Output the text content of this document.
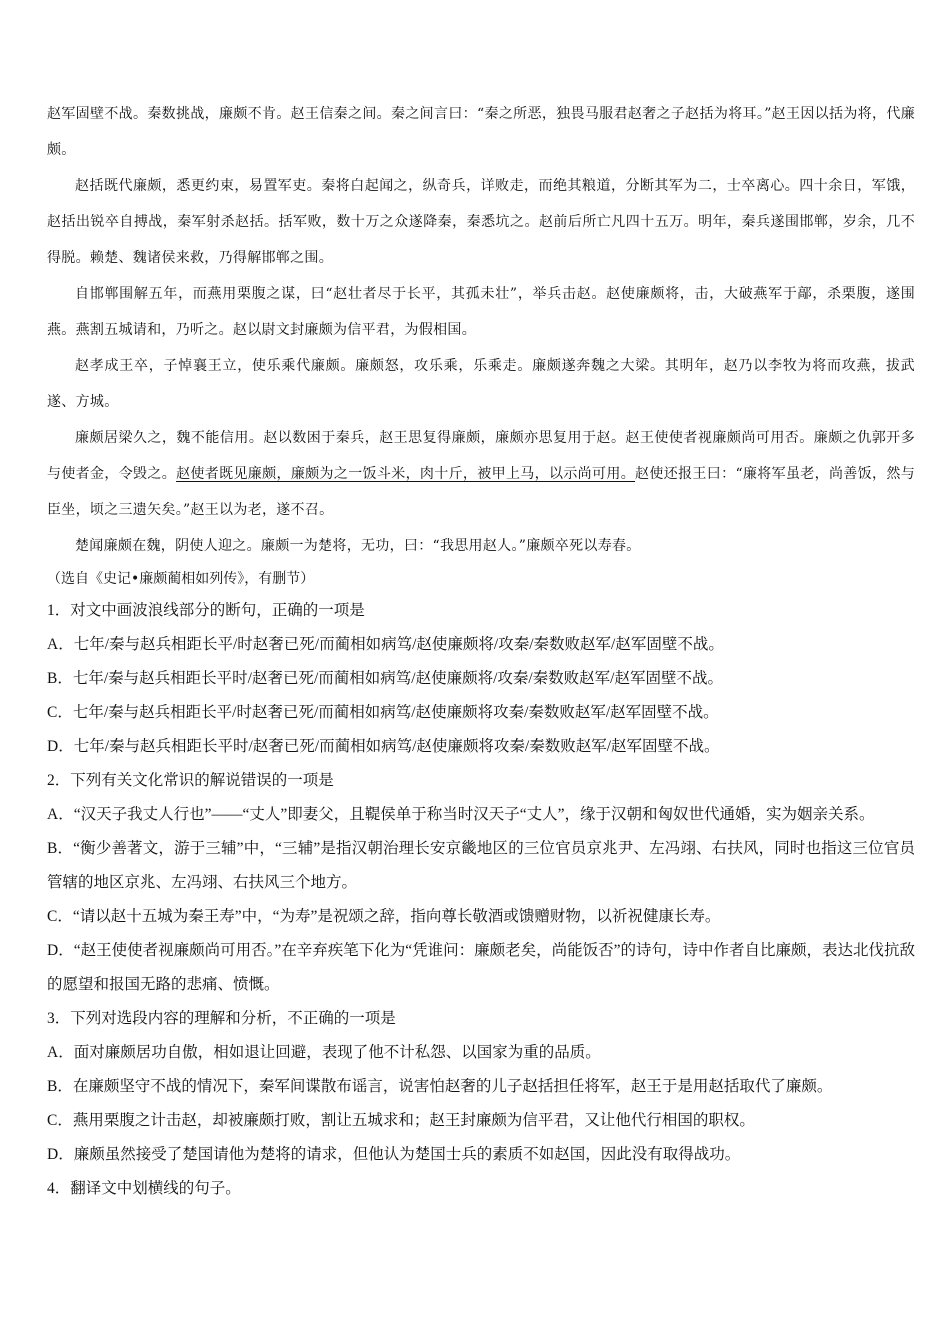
赵军固壁不战。秦数挑战，廉颇不肯。赵王信秦之间。秦之间言曰：“秦之所恶，独畏马服君赵奢之子赵括为将耳。”赵王因以括为将，代廉颇。

赵括既代廉颇，悉更约束，易置军吏。秦将白起闻之，纵奇兵，详败走，而绝其粮道，分断其军为二，士卒离心。四十余日，军饿，赵括出锐卒自搏战，秦军射杀赵括。括军败，数十万之众遂降秦，秦悉坑之。赵前后所亡凡四十五万。明年，秦兵遂围邯郸，岁余，几不得脱。赖楚、魏诸侯来救，乃得解邯郸之围。

自邯郸围解五年，而燕用栗腹之谋，曰“赵壮者尽于长平，其孤未壮”，举兵击赵。赵使廉颇将，击，大破燕军于鄗，杀栗腹，遂围燕。燕割五城请和，乃听之。赵以尉文封廉颇为信平君，为假相国。

赵孝成王卒，子悼襄王立，使乐乘代廉颇。廉颇怒，攻乐乘，乐乘走。廉颇遂奔魏之大梁。其明年，赵乃以李牧为将而攻燕，拔武遂、方城。

廉颇居梁久之，魏不能信用。赵以数困于秦兵，赵王思复得廉颇，廉颇亦思复用于赵。赵王使使者视廉颇尚可用否。廉颇之仇郭开多与使者金，令毁之。赵使者既见廉颇，廉颇为之一饭斗米，肉十斤，被甲上马，以示尚可用。赵使还报王曰：“廉将军虽老，尚善饭，然与臣坐，顷之三遗矢矣。”赵王以为老，遂不召。

楚闻廉颇在魏，阴使人迎之。廉颇一为楚将，无功，曰：“我思用赵人。”廉颇卒死以寿春。

（选自《史记•廉颇蔺相如列传》，有删节）

1．对文中画波浪线部分的断句，正确的一项是

A．七年/秦与赵兵相距长平/时赵奢已死/而蔺相如病笃/赵使廉颇将/攻秦/秦数败赵军/赵军固壁不战。

B．七年/秦与赵兵相距长平时/赵奢已死/而蔺相如病笃/赵使廉颇将/攻秦/秦数败赵军/赵军固壁不战。

C．七年/秦与赵兵相距长平/时赵奢已死/而蔺相如病笃/赵使廉颇将攻秦/秦数败赵军/赵军固壁不战。

D．七年/秦与赵兵相距长平时/赵奢已死/而蔺相如病笃/赵使廉颇将攻秦/秦数败赵军/赵军固壁不战。

2．下列有关文化常识的解说错误的一项是

A．“汉天子我丈人行也”——“丈人”即妻父，且鞮侯单于称当时汉天子“丈人”，缘于汉朝和匈奴世代通婚，实为姻亲关系。

B．“衡少善著文，游于三辅”中，“三辅”是指汉朝治理长安京畿地区的三位官员京兆尹、左冯翊、右扶风，同时也指这三位官员管辖的地区京兆、左冯翊、右扶风三个地方。

C．“请以赵十五城为秦王寿”中，“为寿”是祝颂之辞，指向尊长敬酒或馈赠财物，以祈祝健康长寿。

D．“赵王使使者视廉颇尚可用否。”在辛弃疾笔下化为“凭谁问：廉颇老矣，尚能饭否”的诗句，诗中作者自比廉颇，表达北伐抗敌的愿望和报国无路的悲痛、愤慨。

3．下列对选段内容的理解和分析，不正确的一项是

A．面对廉颇居功自傲，相如退让回避，表现了他不计私怨、以国家为重的品质。

B．在廉颇坚守不战的情况下，秦军间谍散布谣言，说害怕赵奢的儿子赵括担任将军，赵王于是用赵括取代了廉颇。

C．燕用栗腹之计击赵，却被廉颇打败，割让五城求和；赵王封廉颇为信平君，又让他代行相国的职权。

D．廉颇虽然接受了楚国请他为楚将的请求，但他认为楚国士兵的素质不如赵国，因此没有取得战功。

4．翻译文中划横线的句子。
